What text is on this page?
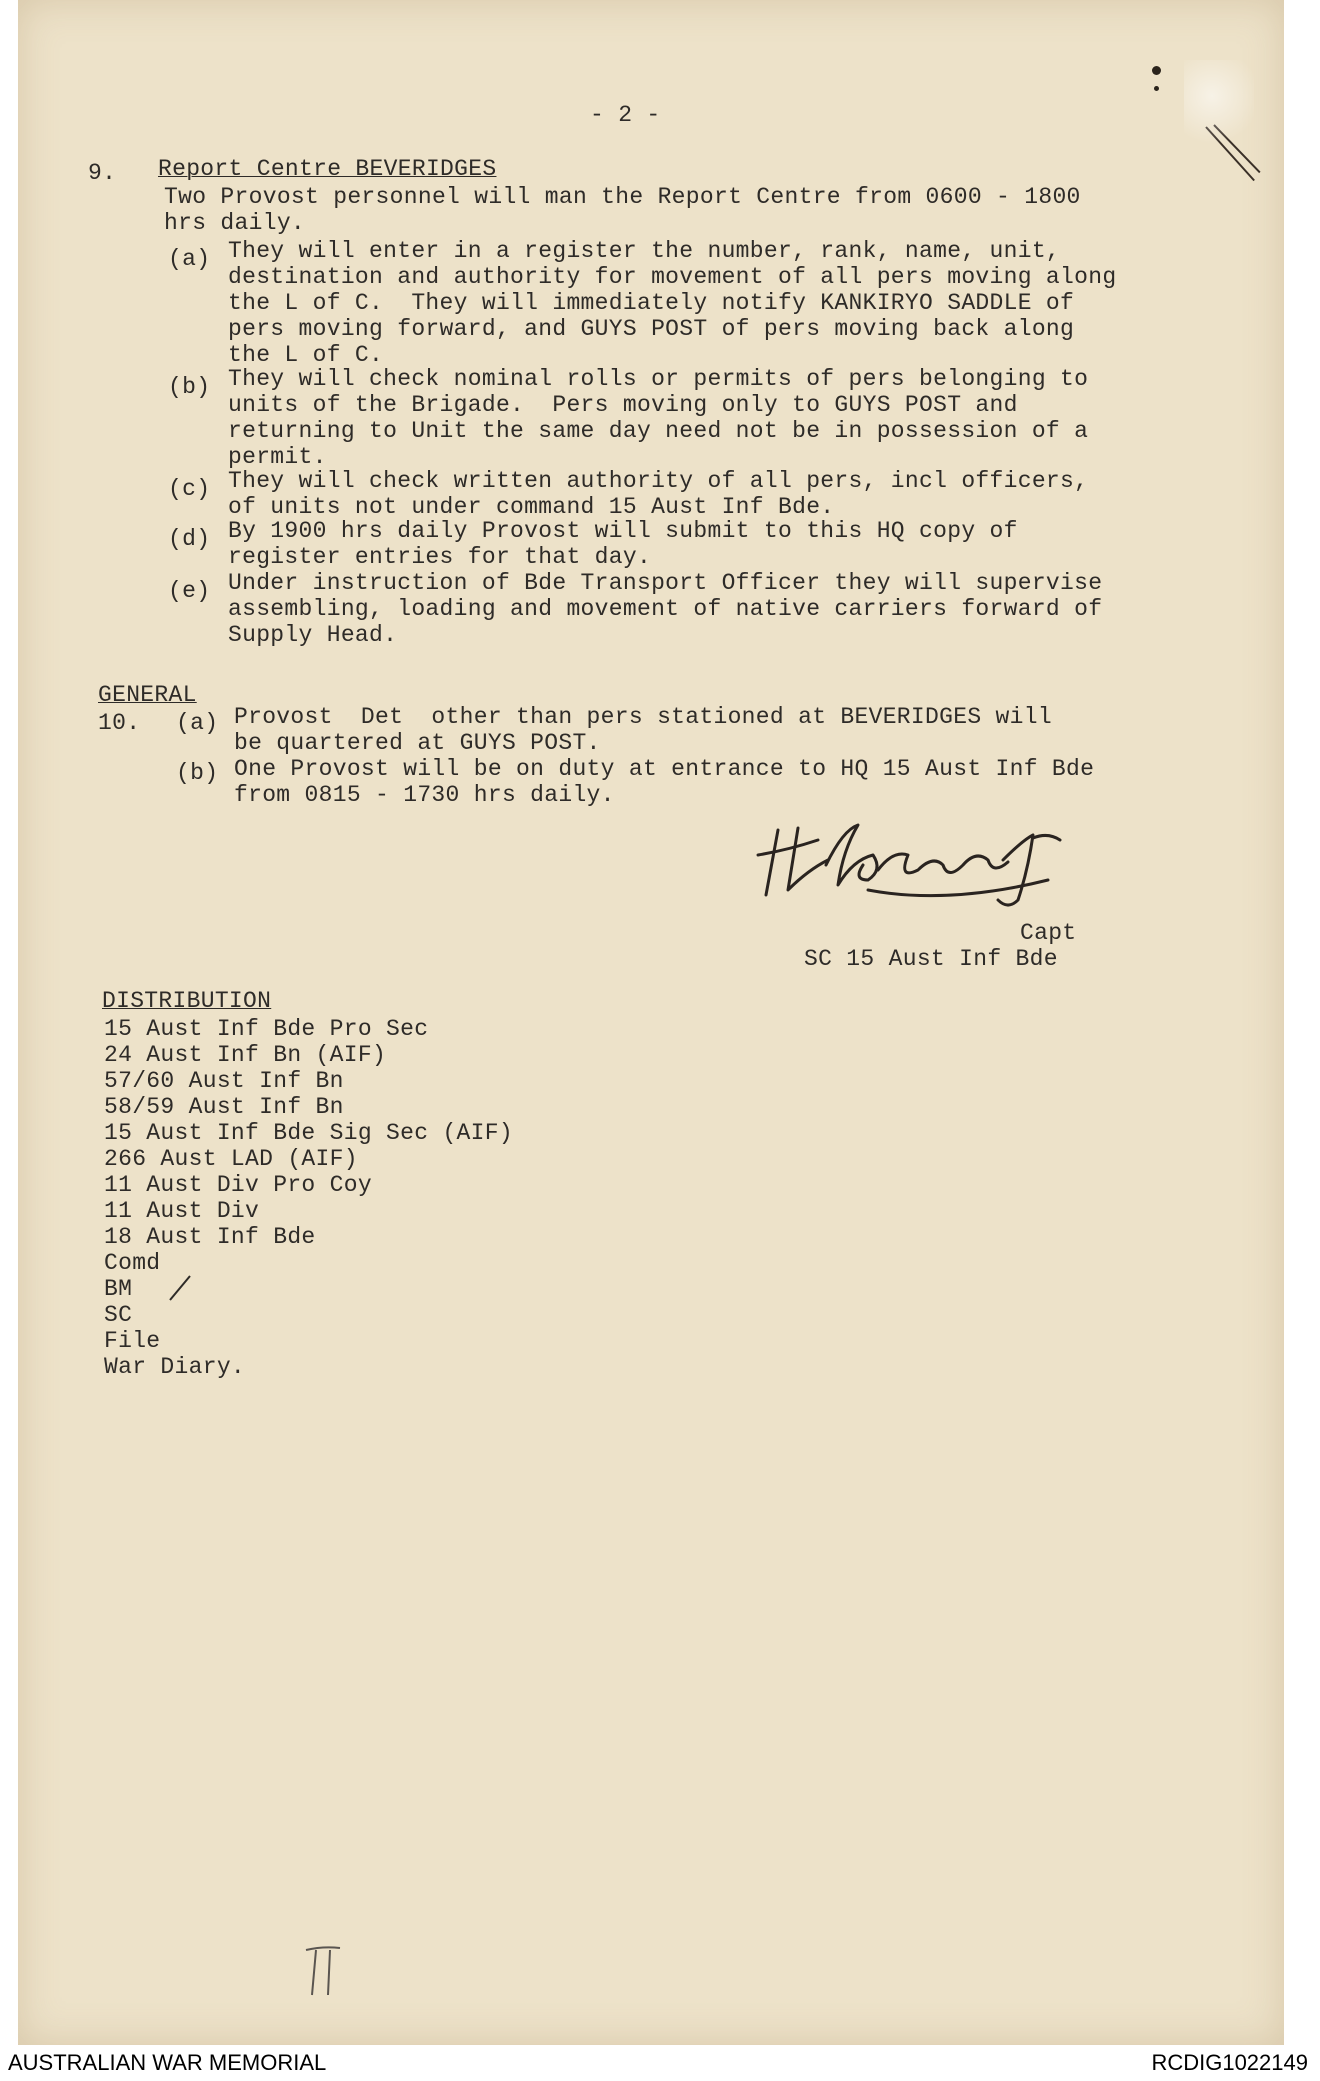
- 2 -
9. Report Centre BEVERIDGES
Two Provost personnel will man the Report Centre from 0600 - 1800
hrs daily.
(a) They will enter in a register the number, rank, name, unit,
destination and authority for movement of all pers moving along
the L of C.  They will immediately notify KANKIRYO SADDLE of
pers moving forward, and GUYS POST of pers moving back along
the L of C.
(b) They will check nominal rolls or permits of pers belonging to
units of the Brigade.  Pers moving only to GUYS POST and
returning to Unit the same day need not be in possession of a
permit.
(c) They will check written authority of all pers, incl officers,
of units not under command 15 Aust Inf Bde.
(d) By 1900 hrs daily Provost will submit to this HQ copy of
register entries for that day.
(e) Under instruction of Bde Transport Officer they will supervise
assembling, loading and movement of native carriers forward of
Supply Head.
GENERAL
10. (a) Provost  Det  other than pers stationed at BEVERIDGES will
be quartered at GUYS POST.
(b) One Provost will be on duty at entrance to HQ 15 Aust Inf Bde
from 0815 - 1730 hrs daily.
Capt
SC 15 Aust Inf Bde
DISTRIBUTION
15 Aust Inf Bde Pro Sec
24 Aust Inf Bn (AIF)
57/60 Aust Inf Bn
58/59 Aust Inf Bn
15 Aust Inf Bde Sig Sec (AIF)
266 Aust LAD (AIF)
11 Aust Div Pro Coy
11 Aust Div
18 Aust Inf Bde
Comd
BM
SC
File
War Diary.
AUSTRALIAN WAR MEMORIAL	RCDIG1022149
